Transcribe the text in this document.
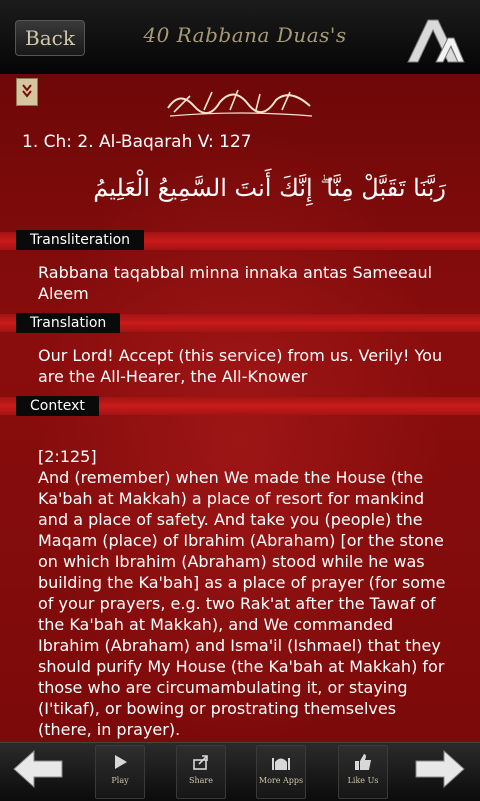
Back	40 Rabbana Duas's
1. Ch: 2. Al-Baqarah V: 127
رَبَّنَا تَقَبَّلْ مِنَّا ۖ إِنَّكَ أَنتَ السَّمِيعُ الْعَلِيمُ
Transliteration
Rabbana taqabbal minna innaka antas Sameeaul Aleem
Translation
Our Lord! Accept (this service) from us. Verily! You are the All-Hearer, the All-Knower
Context
[2:125]
And (remember) when We made the House (the Ka'bah at Makkah) a place of resort for mankind and a place of safety. And take you (people) the Maqam (place) of Ibrahim (Abraham) [or the stone on which Ibrahim (Abraham) stood while he was building the Ka'bah] as a place of prayer (for some of your prayers, e.g. two Rak'at after the Tawaf of the Ka'bah at Makkah), and We commanded Ibrahim (Abraham) and Isma'il (Ishmael) that they should purify My House (the Ka'bah at Makkah) for those who are circumambulating it, or staying (I'tikaf), or bowing or prostrating themselves (there, in prayer).
Play	Share	More Apps	Like Us
